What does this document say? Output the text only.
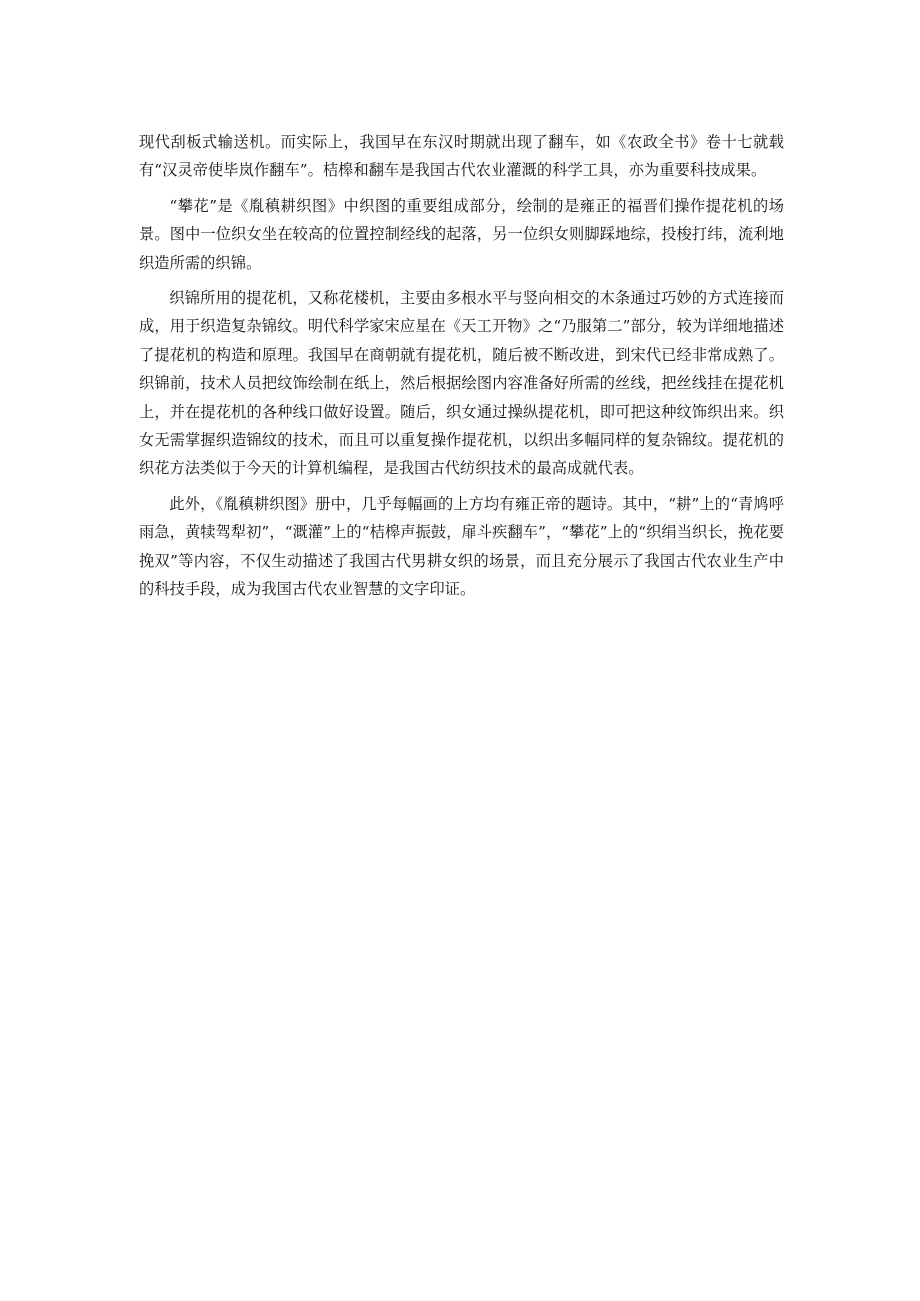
现代刮板式输送机。而实际上，我国早在东汉时期就出现了翻车，如《农政全书》卷十七就载有“汉灵帝使毕岚作翻车”。桔槔和翻车是我国古代农业灌溉的科学工具，亦为重要科技成果。

“攀花”是《胤稹耕织图》中织图的重要组成部分，绘制的是雍正的福晋们操作提花机的场景。图中一位织女坐在较高的位置控制经线的起落，另一位织女则脚踩地综，投梭打纬，流利地织造所需的织锦。

织锦所用的提花机，又称花楼机，主要由多根水平与竖向相交的木条通过巧妙的方式连接而成，用于织造复杂锦纹。明代科学家宋应星在《天工开物》之“乃服第二”部分，较为详细地描述了提花机的构造和原理。我国早在商朝就有提花机，随后被不断改进，到宋代已经非常成熟了。织锦前，技术人员把纹饰绘制在纸上，然后根据绘图内容准备好所需的丝线，把丝线挂在提花机上，并在提花机的各种线口做好设置。随后，织女通过操纵提花机，即可把这种纹饰织出来。织女无需掌握织造锦纹的技术，而且可以重复操作提花机，以织出多幅同样的复杂锦纹。提花机的织花方法类似于今天的计算机编程，是我国古代纺织技术的最高成就代表。

此外，《胤稹耕织图》册中，几乎每幅画的上方均有雍正帝的题诗。其中，“耕”上的“青鸠呼雨急，黄犊驾犁初”，“溉灌”上的“桔槔声振鼓，扉斗疾翻车”，“攀花”上的“织绢当织长，挽花要挽双”等内容，不仅生动描述了我国古代男耕女织的场景，而且充分展示了我国古代农业生产中的科技手段，成为我国古代农业智慧的文字印证。
